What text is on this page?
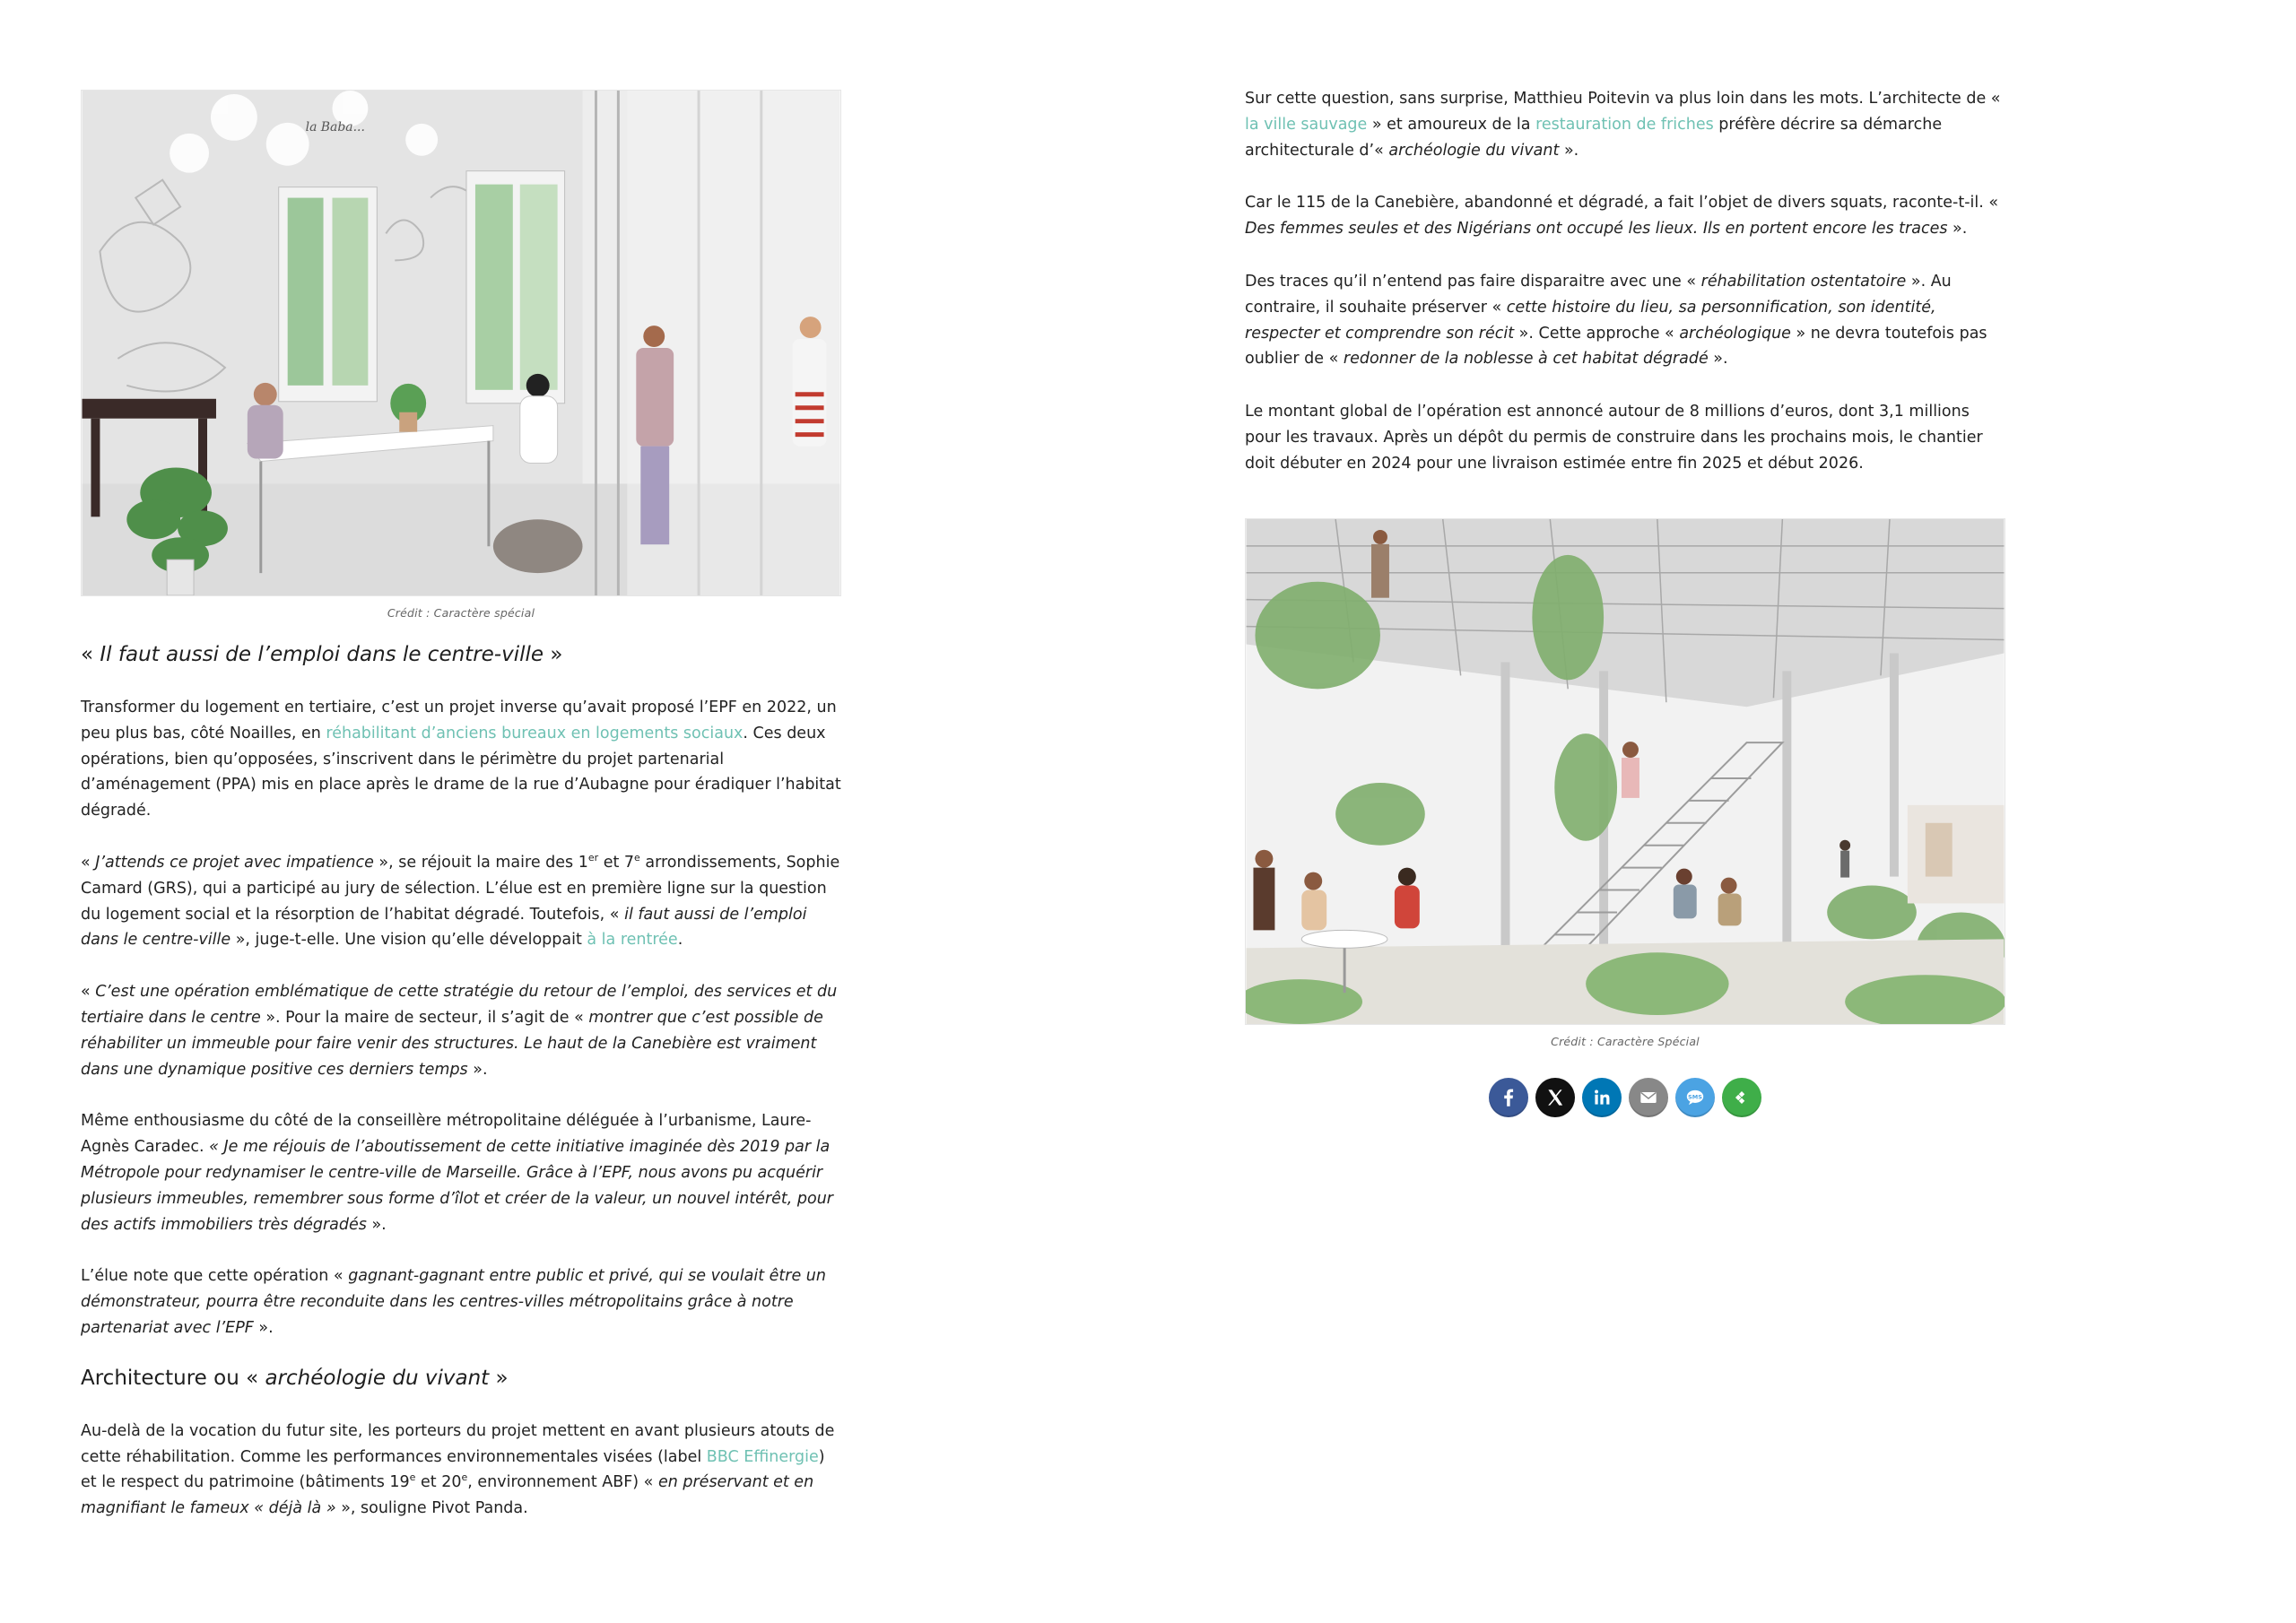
la Baba...
Crédit : Caractère spécial
« Il faut aussi de l’emploi dans le centre-ville »

Transformer du logement en tertiaire, c’est un projet inverse qu’avait proposé l’EPF en 2022, un peu plus bas, côté Noailles, en réhabilitant d’anciens bureaux en logements sociaux. Ces deux opérations, bien qu’opposées, s’inscrivent dans le périmètre du projet partenarial d’aménagement (PPA) mis en place après le drame de la rue d’Aubagne pour éradiquer l’habitat dégradé.

« J’attends ce projet avec impatience », se réjouit la maire des 1er et 7e arrondissements, Sophie Camard (GRS), qui a participé au jury de sélection. L’élue est en première ligne sur la question du logement social et la résorption de l’habitat dégradé. Toutefois, « il faut aussi de l’emploi dans le centre-ville », juge-t-elle. Une vision qu’elle développait à la rentrée.

« C’est une opération emblématique de cette stratégie du retour de l’emploi, des services et du tertiaire dans le centre ». Pour la maire de secteur, il s’agit de « montrer que c’est possible de réhabiliter un immeuble pour faire venir des structures. Le haut de la Canebière est vraiment dans une dynamique positive ces derniers temps ».

Même enthousiasme du côté de la conseillère métropolitaine déléguée à l’urbanisme, Laure-Agnès Caradec. « Je me réjouis de l’aboutissement de cette initiative imaginée dès 2019 par la Métropole pour redynamiser le centre-ville de Marseille. Grâce à l’EPF, nous avons pu acquérir plusieurs immeubles, remembrer sous forme d’îlot et créer de la valeur, un nouvel intérêt, pour des actifs immobiliers très dégradés ».

L’élue note que cette opération « gagnant-gagnant entre public et privé, qui se voulait être un démonstrateur, pourra être reconduite dans les centres-villes métropolitains grâce à notre partenariat avec l’EPF ».

Architecture ou « archéologie du vivant »

Au-delà de la vocation du futur site, les porteurs du projet mettent en avant plusieurs atouts de cette réhabilitation. Comme les performances environnementales visées (label BBC Effinergie) et le respect du patrimoine (bâtiments 19e et 20e, environnement ABF) « en préservant et en magnifiant le fameux « déjà là » », souligne Pivot Panda.

Sur cette question, sans surprise, Matthieu Poitevin va plus loin dans les mots. L’architecte de « la ville sauvage » et amoureux de la restauration de friches préfère décrire sa démarche architecturale d’« archéologie du vivant ».

Car le 115 de la Canebière, abandonné et dégradé, a fait l’objet de divers squats, raconte-t-il. « Des femmes seules et des Nigérians ont occupé les lieux. Ils en portent encore les traces ».

Des traces qu’il n’entend pas faire disparaitre avec une « réhabilitation ostentatoire ». Au contraire, il souhaite préserver « cette histoire du lieu, sa personnification, son identité, respecter et comprendre son récit ». Cette approche « archéologique » ne devra toutefois pas oublier de « redonner de la noblesse à cet habitat dégradé ».

Le montant global de l’opération est annoncé autour de 8 millions d’euros, dont 3,1 millions pour les travaux. Après un dépôt du permis de construire dans les prochains mois, le chantier doit débuter en 2024 pour une livraison estimée entre fin 2025 et début 2026.

Crédit : Caractère Spécial
SMS
